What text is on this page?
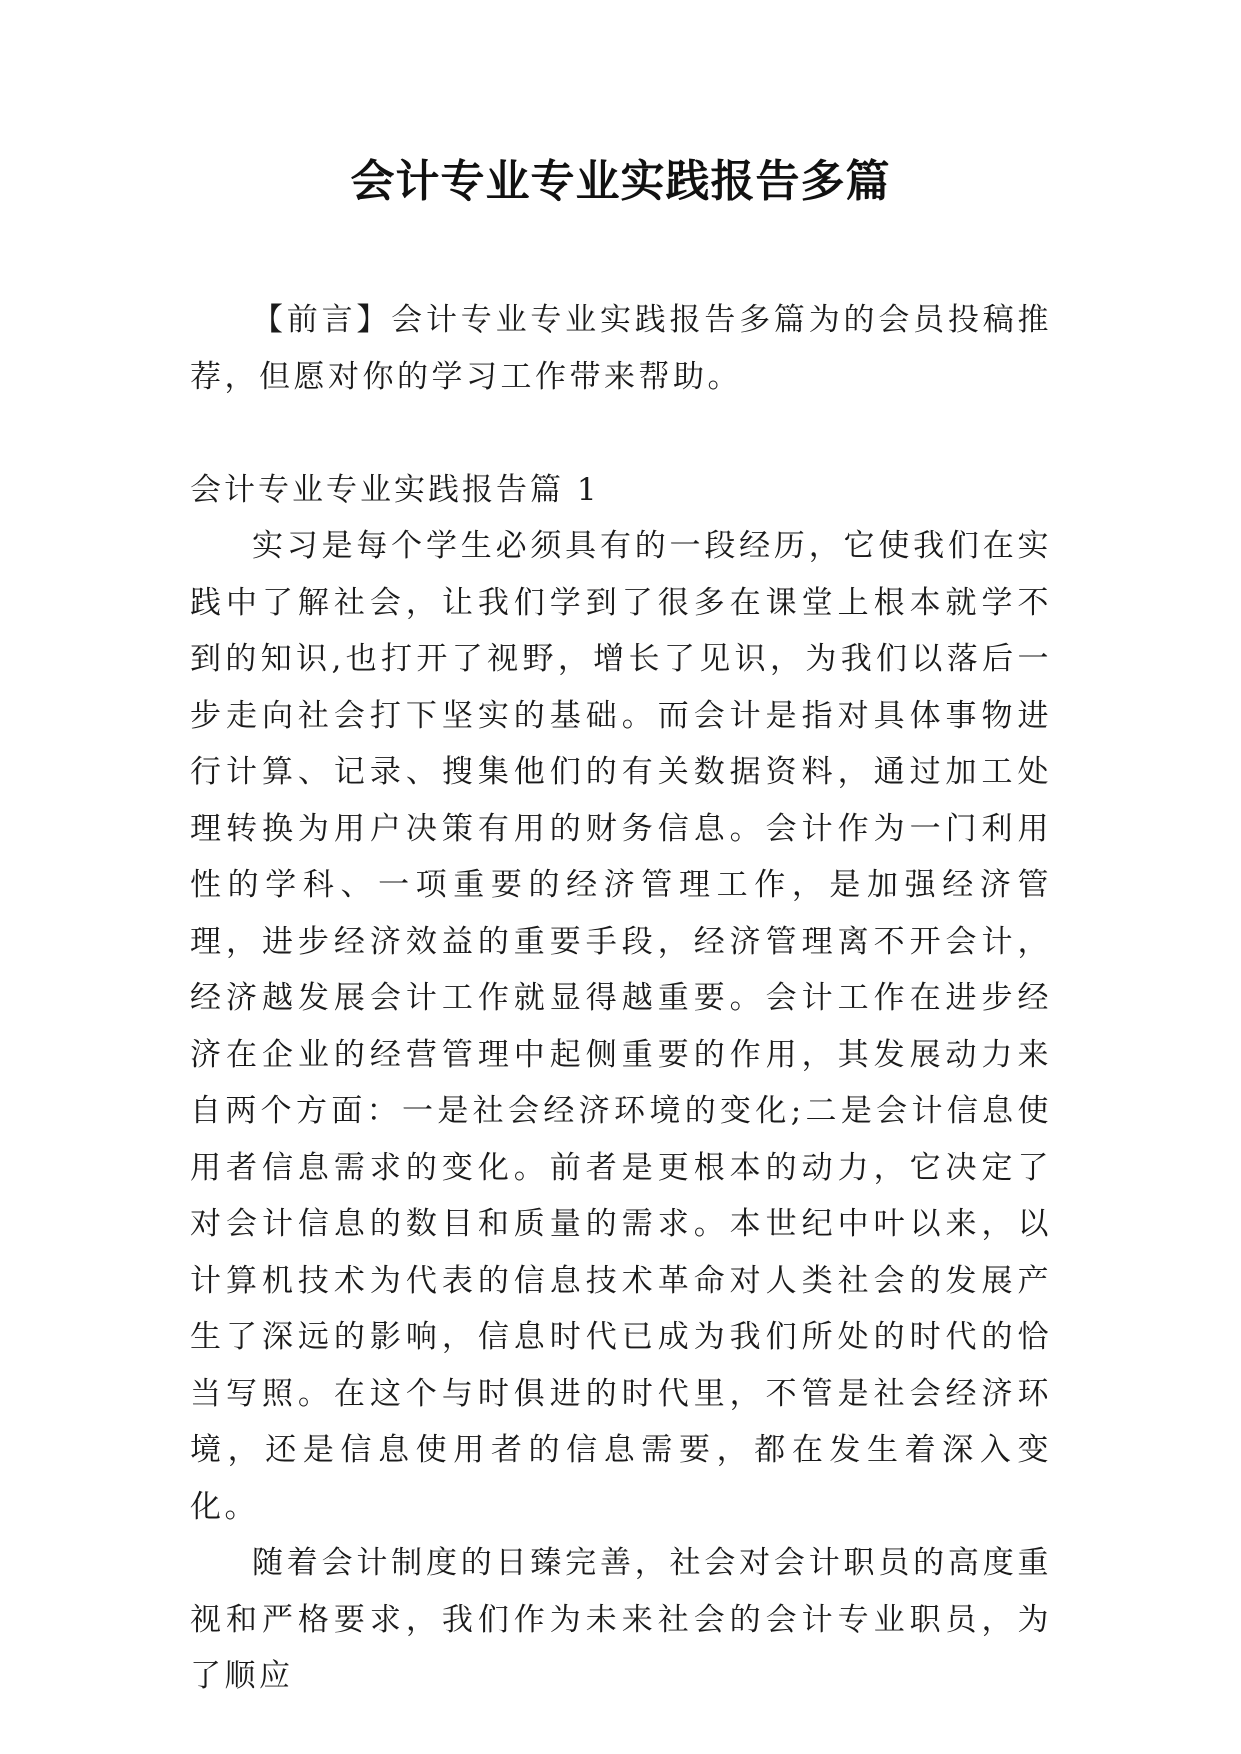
会计专业专业实践报告多篇

【前言】会计专业专业实践报告多篇为的会员投稿推荐，但愿对你的学习工作带来帮助。

会计专业专业实践报告篇 1

实习是每个学生必须具有的一段经历，它使我们在实践中了解社会，让我们学到了很多在课堂上根本就学不到的知识,也打开了视野，增长了见识，为我们以落后一步走向社会打下坚实的基础。而会计是指对具体事物进行计算、记录、搜集他们的有关数据资料，通过加工处理转换为用户决策有用的财务信息。会计作为一门利用性的学科、一项重要的经济管理工作，是加强经济管理，进步经济效益的重要手段，经济管理离不开会计，经济越发展会计工作就显得越重要。会计工作在进步经济在企业的经营管理中起侧重要的作用，其发展动力来自两个方面：一是社会经济环境的变化;二是会计信息使用者信息需求的变化。前者是更根本的动力，它决定了对会计信息的数目和质量的需求。本世纪中叶以来，以计算机技术为代表的信息技术革命对人类社会的发展产生了深远的影响，信息时代已成为我们所处的时代的恰当写照。在这个与时俱进的时代里，不管是社会经济环境，还是信息使用者的信息需要，都在发生着深入变化。

随着会计制度的日臻完善，社会对会计职员的高度重视和严格要求，我们作为未来社会的会计专业职员，为了顺应
